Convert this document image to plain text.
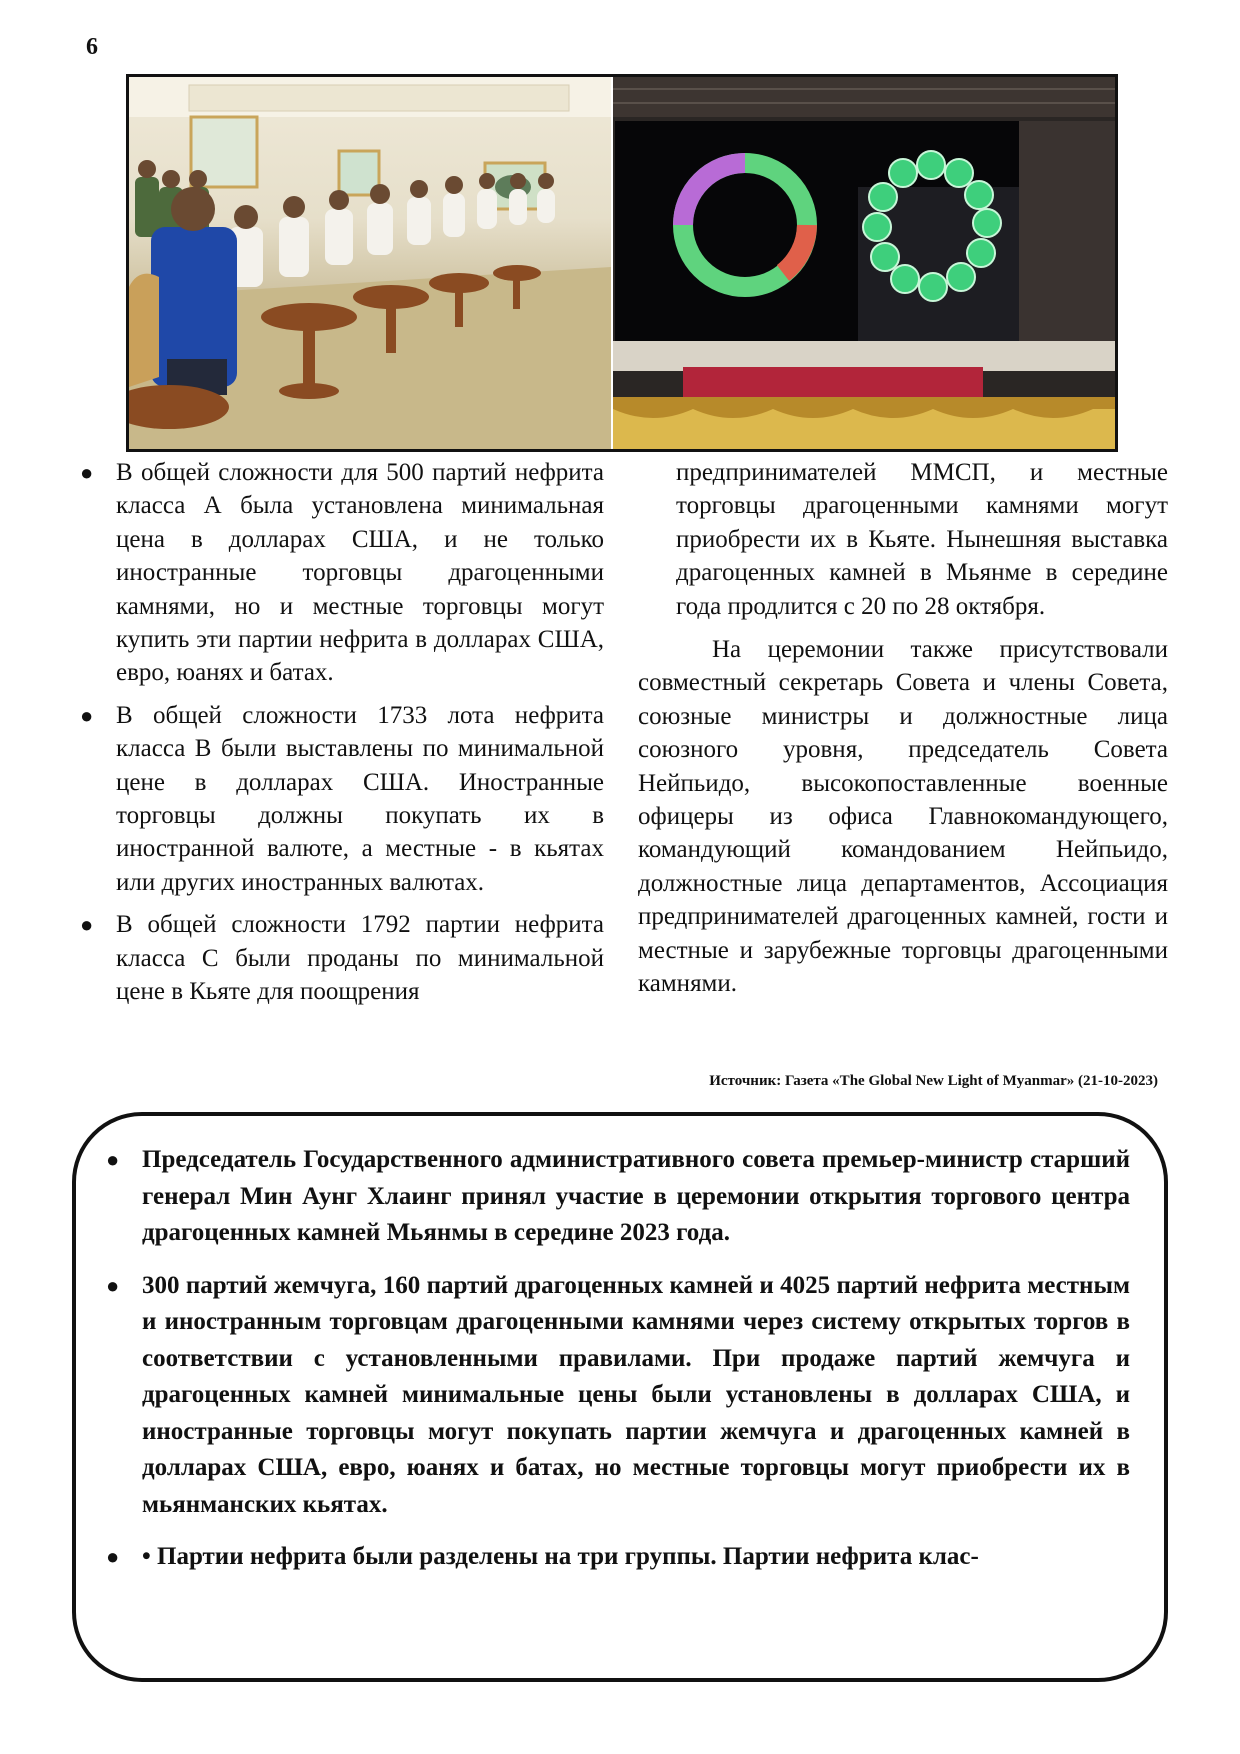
6
● В общей сложности для 500 партий нефрита класса А была установлена минимальная цена в долларах США, и не только иностранные торговцы драгоценными камнями, но и местные торговцы могут купить эти партии нефрита в долларах США, евро, юанях и батах.
● В общей сложности 1733 лота нефрита класса В были выставлены по минимальной цене в долларах США. Иностранные торговцы должны покупать их в иностранной валюте, а местные - в кьятах или других иностранных валютах.
● В общей сложности 1792 партии нефрита класса С были проданы по минимальной цене в Кьяте для поощрения

предпринимателей ММСП, и местные торговцы драгоценными камнями могут приобрести их в Кьяте. Нынешняя выставка драгоценных камней в Мьянме в середине года продлится с 20 по 28 октября.

На церемонии также присутствовали совместный секретарь Совета и члены Совета, союзные министры и должностные лица союзного уровня, председатель Совета Нейпьидо, высокопоставленные военные офицеры из офиса Главнокомандующего, командующий командованием Нейпьидо, должностные лица департаментов, Ассоциация предпринимателей драгоценных камней, гости и местные и зарубежные торговцы драгоценными камнями.

Источник: Газета «The Global New Light of Myanmar» (21-10-2023)
● Председатель Государственного административного совета премьер-министр старший генерал Мин Аунг Хлаинг принял участие в церемонии открытия торгового центра драгоценных камней Мьянмы в середине 2023 года.
● 300 партий жемчуга, 160 партий драгоценных камней и 4025 партий нефрита местным и иностранным торговцам драгоценными камнями через систему открытых торгов в соответствии с установленными правилами. При продаже партий жемчуга и драгоценных камней минимальные цены были установлены в долларах США, и иностранные торговцы могут покупать партии жемчуга и драгоценных камней в долларах США, евро, юанях и батах, но местные торговцы могут приобрести их в мьянманских кьятах.
● • Партии нефрита были разделены на три группы. Партии нефрита клас-
